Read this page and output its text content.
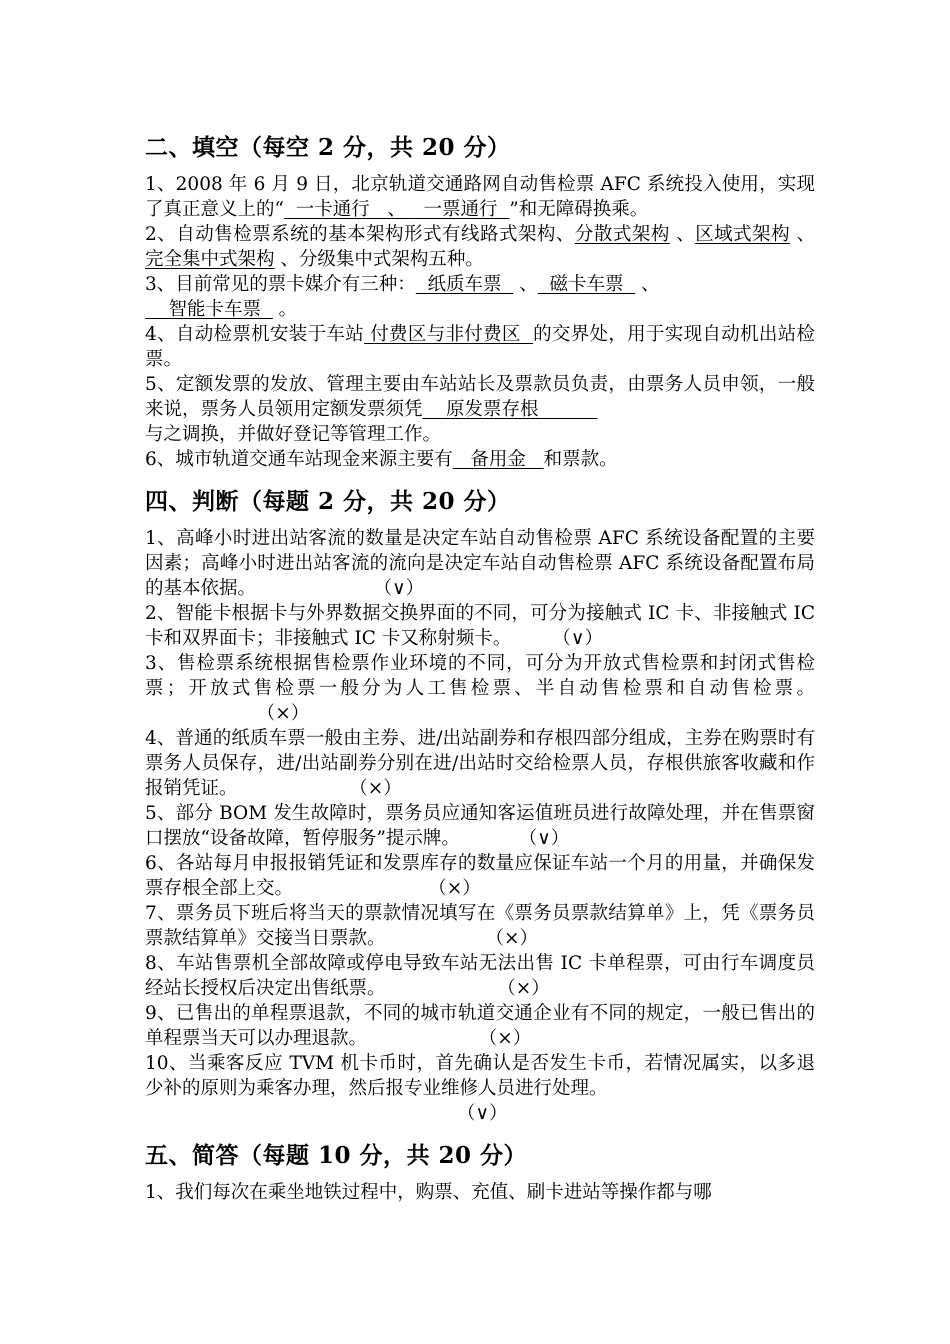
二、填空（每空 2 分，共 20 分）

1、2008 年 6 月 9 日，北京轨道交通路网自动售检票 AFC 系统投入使用，实现了真正意义上的“  一卡通行   、   一票通行  ”和无障碍换乘。

2、自动售检票系统的基本架构形式有线路式架构、分散式架构 、区域式架构 、 完全集中式架构 、分级集中式架构五种。

3、目前常见的票卡媒介有三种：  纸质车票   、  磁卡车票   、
智能卡车票   。

4、自动检票机安装于车站 付费区与非付费区  的交界处，用于实现自动机出站检票。

5、定额发票的发放、管理主要由车站站长及票款员负责，由票务人员申领，一般来说，票务人员领用定额发票须凭    原发票存根
与之调换，并做好登记等管理工作。

6、城市轨道交通车站现金来源主要有   备用金   和票款。

四、判断（每题 2 分，共 20 分）

1、高峰小时进出站客流的数量是决定车站自动售检票 AFC 系统设备配置的主要因素；高峰小时进出站客流的流向是决定车站自动售检票 AFC 系统设备配置布局的基本依据。	（∨）

2、智能卡根据卡与外界数据交换界面的不同，可分为接触式 IC 卡、非接触式 IC 卡和双界面卡；非接触式 IC 卡又称射频卡。 （∨）

3、售检票系统根据售检票作业环境的不同，可分为开放式售检票和封闭式售检票；开放式售检票一般分为人工售检票、半自动售检票和自动售检票。                   （×）

4、普通的纸质车票一般由主券、进/出站副券和存根四部分组成，主券在购票时有票务人员保存，进/出站副券分别在进/出站时交给检票人员，存根供旅客收藏和作报销凭证。	（×）

5、部分 BOM 发生故障时，票务员应通知客运值班员进行故障处理，并在售票窗口摆放“设备故障，暂停服务”提示牌。	（∨）

6、各站每月申报报销凭证和发票库存的数量应保证车站一个月的用量，并确保发票存根全部上交。	（×）

7、票务员下班后将当天的票款情况填写在《票务员票款结算单》上，凭《票务员票款结算单》交接当日票款。	（×）

8、车站售票机全部故障或停电导致车站无法出售 IC 卡单程票，可由行车调度员经站长授权后决定出售纸票。	（×）

9、已售出的单程票退款，不同的城市轨道交通企业有不同的规定，一般已售出的单程票当天可以办理退款。	（×）

10、当乘客反应 TVM 机卡币时，首先确认是否发生卡币，若情况属实，以多退少补的原则为乘客办理，然后报专业维修人员进行处理。

（∨）

五、简答（每题 10 分，共 20 分）

1、我们每次在乘坐地铁过程中，购票、充值、刷卡进站等操作都与哪
